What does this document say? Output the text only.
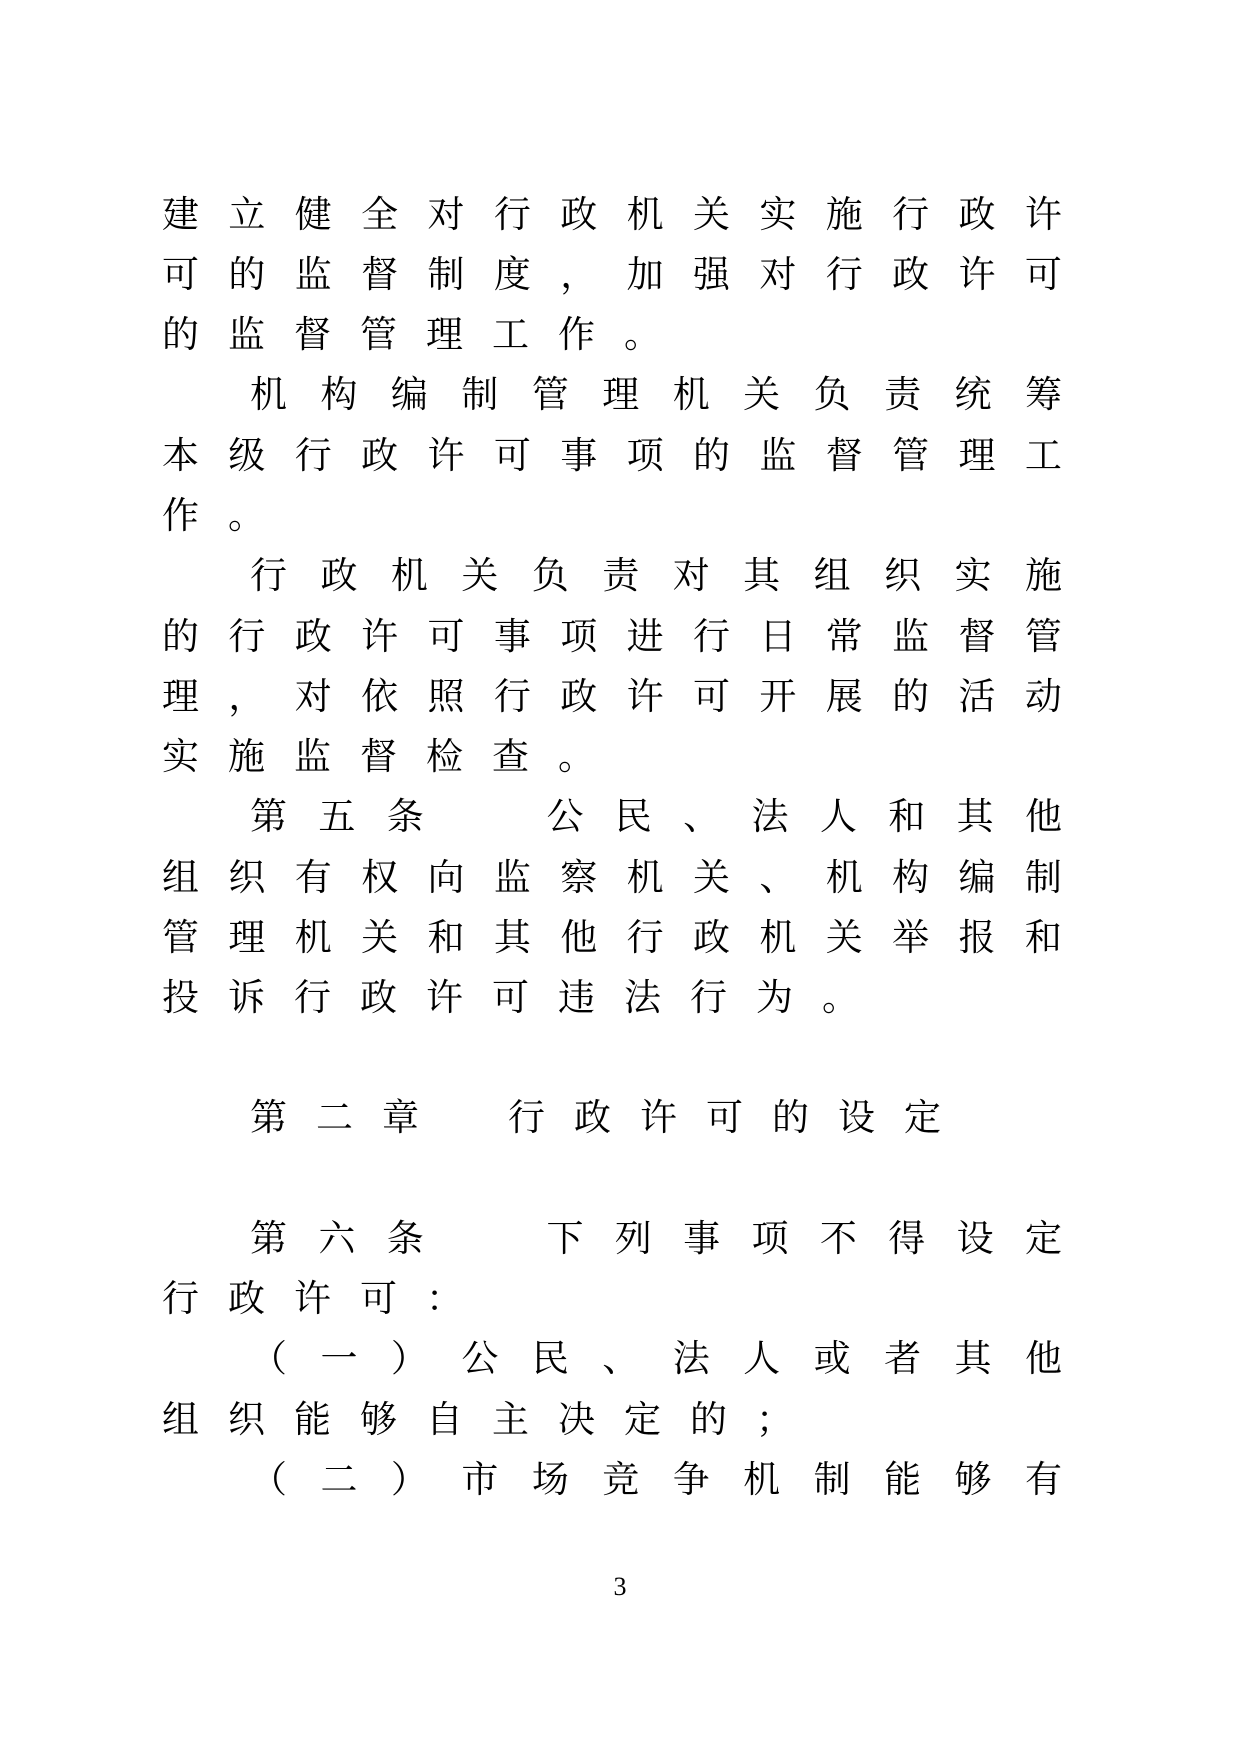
建 立 健 全 对 行 政 机 关 实 施 行 政 许
可 的 监 督 制 度 ， 加 强 对 行 政 许 可
的 监 督 管 理 工 作 。
机 构 编 制 管 理 机 关 负 责 统 筹
本 级 行 政 许 可 事 项 的 监 督 管 理 工
作 。
行 政 机 关 负 责 对 其 组 织 实 施
的 行 政 许 可 事 项 进 行 日 常 监 督 管
理 ， 对 依 照 行 政 许 可 开 展 的 活 动
实 施 监 督 检 查 。
第 五 条	公 民 、 法 人 和 其 他
组 织 有 权 向 监 察 机 关 、 机 构 编 制
管 理 机 关 和 其 他 行 政 机 关 举 报 和
投 诉 行 政 许 可 违 法 行 为 。
第 二 章 行 政 许 可 的 设 定
第 六 条	下 列 事 项 不 得 设 定
行 政 许 可 ：
（ 一 ） 公 民 、 法 人 或 者 其 他
组 织 能 够 自 主 决 定 的 ；
（ 二 ） 市 场 竞 争 机 制 能 够 有
3
